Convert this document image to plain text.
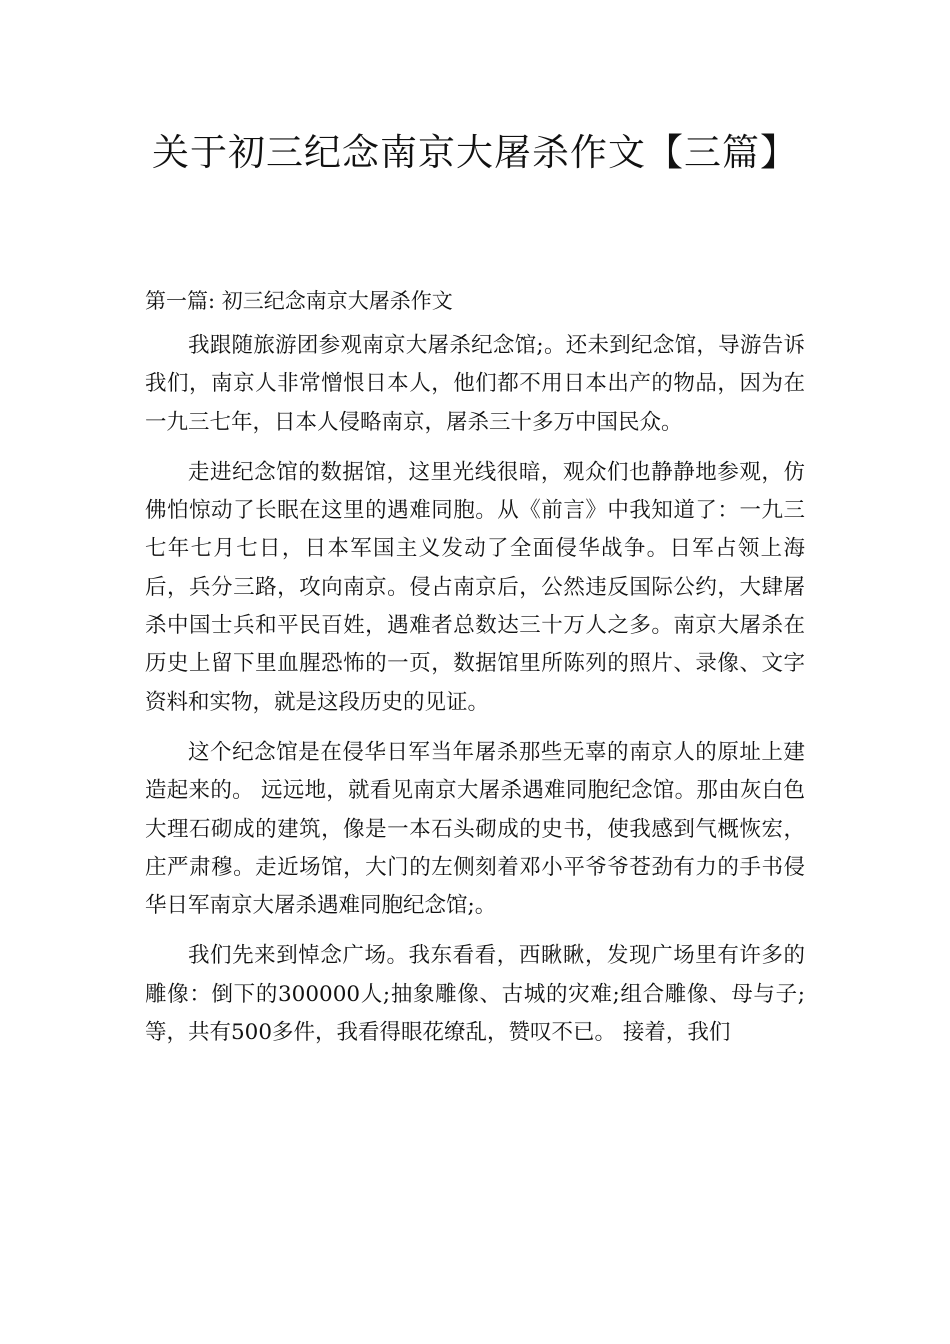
关于初三纪念南京大屠杀作文【三篇】
第一篇: 初三纪念南京大屠杀作文

我跟随旅游团参观南京大屠杀纪念馆;。还未到纪念馆，导游告诉我们，南京人非常憎恨日本人，他们都不用日本出产的物品，因为在一九三七年，日本人侵略南京，屠杀三十多万中国民众。

走进纪念馆的数据馆，这里光线很暗，观众们也静静地参观，仿佛怕惊动了长眠在这里的遇难同胞。从《前言》中我知道了：一九三七年七月七日，日本军国主义发动了全面侵华战争。日军占领上海后，兵分三路，攻向南京。侵占南京后，公然违反国际公约，大肆屠杀中国士兵和平民百姓，遇难者总数达三十万人之多。南京大屠杀在历史上留下里血腥恐怖的一页，数据馆里所陈列的照片、录像、文字资料和实物，就是这段历史的见证。

这个纪念馆是在侵华日军当年屠杀那些无辜的南京人的原址上建造起来的。 远远地，就看见南京大屠杀遇难同胞纪念馆。那由灰白色大理石砌成的建筑，像是一本石头砌成的史书，使我感到气概恢宏，庄严肃穆。走近场馆，大门的左侧刻着邓小平爷爷苍劲有力的手书侵华日军南京大屠杀遇难同胞纪念馆;。

我们先来到悼念广场。我东看看，西瞅瞅，发现广场里有许多的雕像：倒下的300000人;抽象雕像、古城的灾难;组合雕像、母与子;等，共有500多件，我看得眼花缭乱，赞叹不已。 接着，我们
